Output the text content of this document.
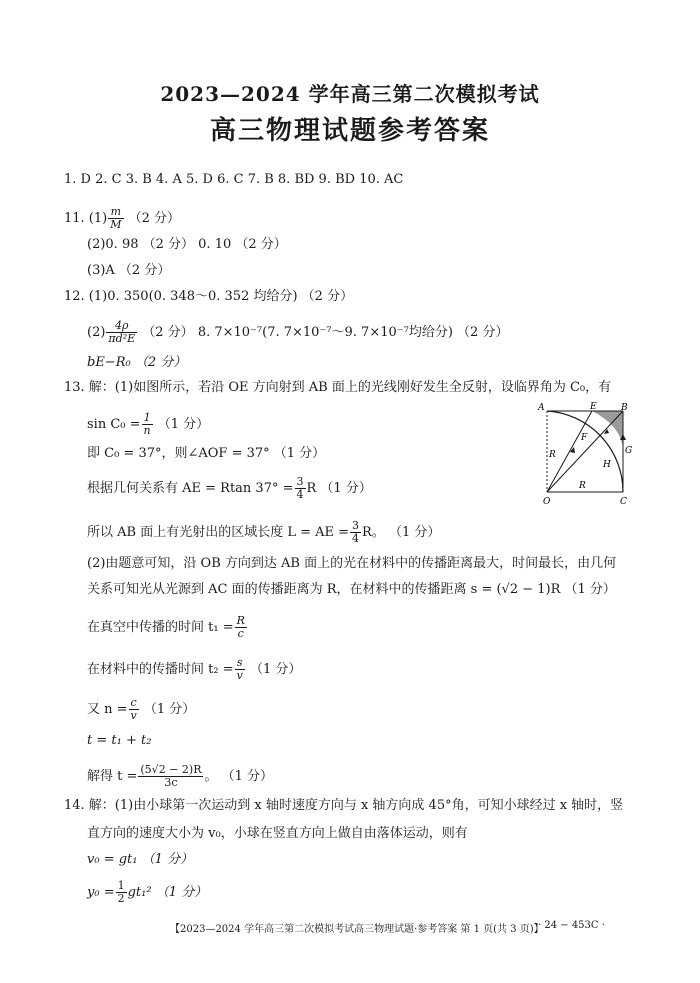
2023—2024 学年高三第二次模拟考试
高三物理试题参考答案
1. D 2. C 3. B 4. A 5. D 6. C 7. B 8. BD 9. BD 10. AC
11. $(1) \frac{m}{M} (2$ 分）
(2)0. 98 （2 分） 0. 10 （2 分）
(3)A （2 分）
12. (1)0. 350(0. 348～0. 352 均给分) （2 分）
$(2) \frac{4\rho}{\text{πd²E}} (2$ 分） 8. 7×10⁻⁷(7. 7×10⁻⁷～9. 7×10⁻⁷均给分) （2 分）
bE−R₀ （2 分）
13. 解：(1)如图所示，若沿 OE 方向射到 AB 面上的光线刚好发生全反射，设临界角为 C₀，有
$\sin C_0 = \frac{1}{n} (1$ 分）
即 C₀ = 37°，则∠AOF = 37° （1 分）
根据几何关系有 AE = Rtan $37^\circ = \frac{3}{4}$ R （1 分）
所以 AB 面上有光射出的区域长度 L = AE = $\frac{3}{4}$ R。 （1 分）
(2)由题意可知，沿 OB 方向到达 AB 面上的光在材料中的传播距离最大，时间最长，由几何
关系可知光从光源到 AC 面的传播距离为 R，在材料中的传播距离 s = (√2 − 1)R （1 分）
在真空中传播的时间 $t_1 = \frac{R}{c}$
在材料中的传播时间 $t_2 = \frac{s}{v} (1$ 分）
又 $n = \frac{c}{v} (1$ 分）
t = t₁ + t₂
解得 $t = \frac{(5√2 - 2)R}{3c}$ 。 （1 分）
A	E	B
F
G
R
H
R
O	C
14. 解：(1)由小球第一次运动到 x 轴时速度方向与 x 轴方向成 45°角，可知小球经过 x 轴时，竖
直方向的速度大小为 v₀，小球在竖直方向上做自由落体运动，则有
v₀ = gt₁ （1 分）
$y_0 = \frac{1}{2} gt_1^2$ （1 分）
【2023—2024 学年高三第二次模拟考试高三物理试题·参考答案 第 1 页(共 3 页)】
· 24 − 453C ·
